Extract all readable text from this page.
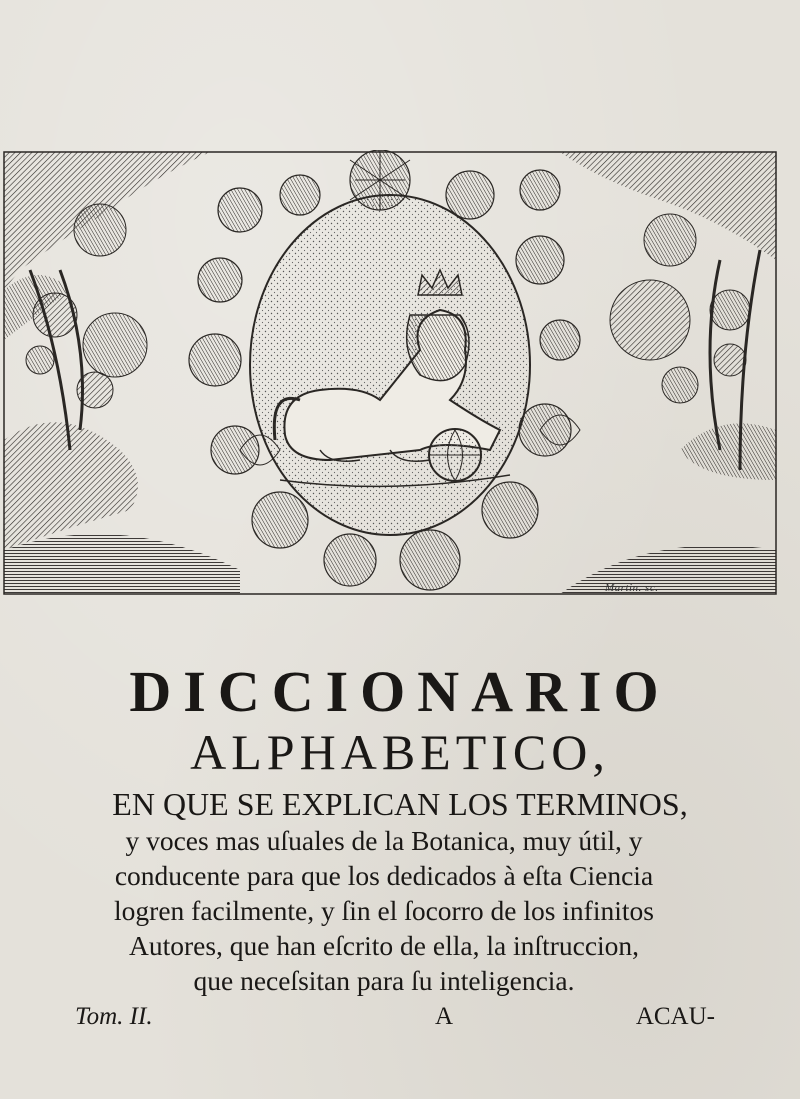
Martin. sc.
DICCIONARIO
ALPHABETICO,
EN QUE SE EXPLICAN LOS TERMINOS,
y voces mas uſuales de la Botanica, muy útil, y
conducente para que los dedicados à eſta Ciencia
logren facilmente, y ſin el ſocorro de los infinitos
Autores, que han eſcrito de ella, la inſtruccion,
que neceſsitan para ſu inteligencia.
Tom. II.	A	ACAU-
